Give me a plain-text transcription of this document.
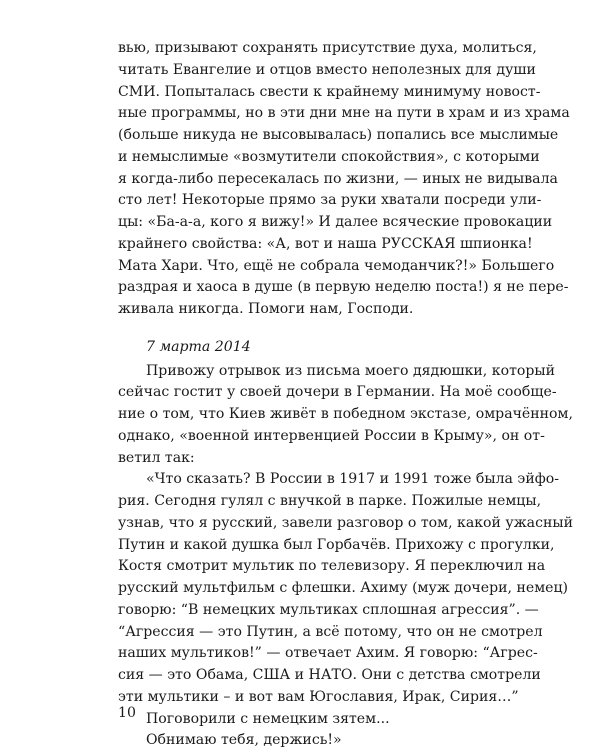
вью, призывают сохранять присутствие духа, молиться,
читать Евангелие и отцов вместо неполезных для души
СМИ. Попыталась свести к крайнему минимуму новост-
ные программы, но в эти дни мне на пути в храм и из храма
(больше никуда не высовывалась) попались все мыслимые
и немыслимые «возмутители спокойствия», с которыми
я когда-либо пересекалась по жизни, — иных не видывала
сто лет! Некоторые прямо за руки хватали посреди ули-
цы: «Ба-а-а, кого я вижу!» И далее всяческие провокации
крайнего свойства: «А, вот и наша РУССКАЯ шпионка!
Мата Хари. Что, ещё не собрала чемоданчик?!» Большего
раздрая и хаоса в душе (в первую неделю поста!) я не пере-
живала никогда. Помоги нам, Господи.
7 марта 2014
Привожу отрывок из письма моего дядюшки, который
сейчас гостит у своей дочери в Германии. На моё сообще-
ние о том, что Киев живёт в победном экстазе, омрачённом,
однако, «военной интервенцией России в Крыму», он от-
ветил так:
«Что сказать? В России в 1917 и 1991 тоже была эйфо-
рия. Сегодня гулял с внучкой в парке. Пожилые немцы,
узнав, что я русский, завели разговор о том, какой ужасный
Путин и какой душка был Горбачёв. Прихожу с прогулки,
Костя смотрит мультик по телевизору. Я переключил на
русский мультфильм с флешки. Ахиму (муж дочери, немец)
говорю: “В немецких мультиках сплошная агрессия”. —
“Агрессия — это Путин, а всё потому, что он не смотрел
наших мультиков!” — отвечает Ахим. Я говорю: “Агрес-
сия — это Обама, США и НАТО. Они с детства смотрели
эти мультики – и вот вам Югославия, Ирак, Сирия…”
Поговорили с немецким зятем...
Обнимаю тебя, держись!»
10
